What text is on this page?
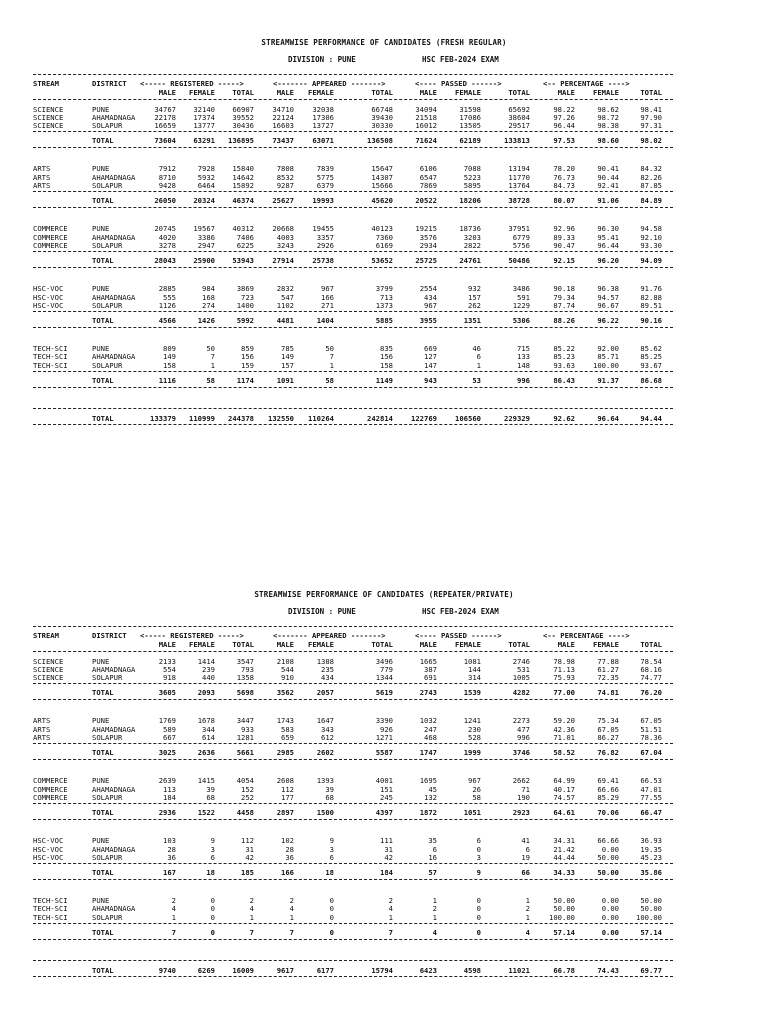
STREAMWISE PERFORMANCE OF CANDIDATES (FRESH REGULAR)
DIVISION : PUNE	HSC FEB-2024 EXAM
STREAM	DISTRICT <----- REGISTERED ----->	<------- APPEARED ------->	<---- PASSED ------>	<-- PERCENTAGE ---->
MALE	FEMALE	TOTAL	MALE	FEMALE	TOTAL	MALE	FEMALE	TOTAL	MALE	FEMALE	TOTAL
SCIENCE	PUNE	34767	32140	66907	34710	32038	66748	34094	31598	65692	98.22	98.62	98.41
SCIENCE	AHAMADNAGA	22178	17374	39552	22124	17306	39430	21518	17086	38604	97.26	98.72	97.90
SCIENCE	SOLAPUR	16659	13777	30436	16603	13727	30330	16012	13505	29517	96.44	98.38	97.31
TOTAL	73604	63291	136895	73437	63071	136508	71624	62189	133813	97.53	98.60	98.02
ARTS	PUNE	7912	7928	15840	7808	7839	15647	6106	7088	13194	78.20	90.41	84.32
ARTS	AHAMADNAGA	8710	5932	14642	8532	5775	14307	6547	5223	11770	76.73	90.44	82.26
ARTS	SOLAPUR	9428	6464	15892	9287	6379	15666	7869	5895	13764	84.73	92.41	87.85
TOTAL	26050	20324	46374	25627	19993	45620	20522	18206	38728	80.07	91.06	84.89
COMMERCE	PUNE	20745	19567	40312	20668	19455	40123	19215	18736	37951	92.96	96.30	94.58
COMMERCE	AHAMADNAGA	4020	3386	7406	4003	3357	7360	3576	3203	6779	89.33	95.41	92.10
COMMERCE	SOLAPUR	3278	2947	6225	3243	2926	6169	2934	2822	5756	90.47	96.44	93.30
TOTAL	28043	25900	53943	27914	25738	53652	25725	24761	50486	92.15	96.20	94.09
HSC-VOC	PUNE	2885	984	3869	2832	967	3799	2554	932	3486	90.18	96.38	91.76
HSC-VOC	AHAMADNAGA	555	168	723	547	166	713	434	157	591	79.34	94.57	82.88
HSC-VOC	SOLAPUR	1126	274	1400	1102	271	1373	967	262	1229	87.74	96.67	89.51
TOTAL	4566	1426	5992	4481	1404	5885	3955	1351	5306	88.26	96.22	90.16
TECH-SCI	PUNE	809	50	859	785	50	835	669	46	715	85.22	92.00	85.62
TECH-SCI	AHAMADNAGA	149	7	156	149	7	156	127	6	133	85.23	85.71	85.25
TECH-SCI	SOLAPUR	158	1	159	157	1	158	147	1	148	93.63	100.00	93.67
TOTAL	1116	58	1174	1091	58	1149	943	53	996	86.43	91.37	86.68
TOTAL	133379	110999	244378	132550	110264	242814	122769	106560	229329	92.62	96.64	94.44
STREAMWISE PERFORMANCE OF CANDIDATES (REPEATER/PRIVATE)
DIVISION : PUNE	HSC FEB-2024 EXAM
STREAM	DISTRICT <----- REGISTERED ----->	<------- APPEARED ------->	<---- PASSED ------>	<-- PERCENTAGE ---->
MALE	FEMALE	TOTAL	MALE	FEMALE	TOTAL	MALE	FEMALE	TOTAL	MALE	FEMALE	TOTAL
SCIENCE	PUNE	2133	1414	3547	2108	1388	3496	1665	1081	2746	78.98	77.88	78.54
SCIENCE	AHAMADNAGA	554	239	793	544	235	779	387	144	531	71.13	61.27	68.16
SCIENCE	SOLAPUR	918	440	1358	910	434	1344	691	314	1005	75.93	72.35	74.77
TOTAL	3605	2093	5698	3562	2057	5619	2743	1539	4282	77.00	74.81	76.20
ARTS	PUNE	1769	1678	3447	1743	1647	3390	1032	1241	2273	59.20	75.34	67.05
ARTS	AHAMADNAGA	589	344	933	583	343	926	247	230	477	42.36	67.05	51.51
ARTS	SOLAPUR	667	614	1281	659	612	1271	468	528	996	71.01	86.27	78.36
TOTAL	3025	2636	5661	2985	2602	5587	1747	1999	3746	58.52	76.82	67.04
COMMERCE	PUNE	2639	1415	4054	2608	1393	4001	1695	967	2662	64.99	69.41	66.53
COMMERCE	AHAMADNAGA	113	39	152	112	39	151	45	26	71	40.17	66.66	47.01
COMMERCE	SOLAPUR	184	68	252	177	68	245	132	58	190	74.57	85.29	77.55
TOTAL	2936	1522	4458	2897	1500	4397	1872	1051	2923	64.61	70.06	66.47
HSC-VOC	PUNE	103	9	112	102	9	111	35	6	41	34.31	66.66	36.93
HSC-VOC	AHAMADNAGA	28	3	31	28	3	31	6	0	6	21.42	0.00	19.35
HSC-VOC	SOLAPUR	36	6	42	36	6	42	16	3	19	44.44	50.00	45.23
TOTAL	167	18	185	166	18	184	57	9	66	34.33	50.00	35.86
TECH-SCI	PUNE	2	0	2	2	0	2	1	0	1	50.00	0.00	50.00
TECH-SCI	AHAMADNAGA	4	0	4	4	0	4	2	0	2	50.00	0.00	50.00
TECH-SCI	SOLAPUR	1	0	1	1	0	1	1	0	1	100.00	0.00	100.00
TOTAL	7	0	7	7	0	7	4	0	4	57.14	0.00	57.14
TOTAL	9740	6269	16009	9617	6177	15794	6423	4598	11021	66.78	74.43	69.77
